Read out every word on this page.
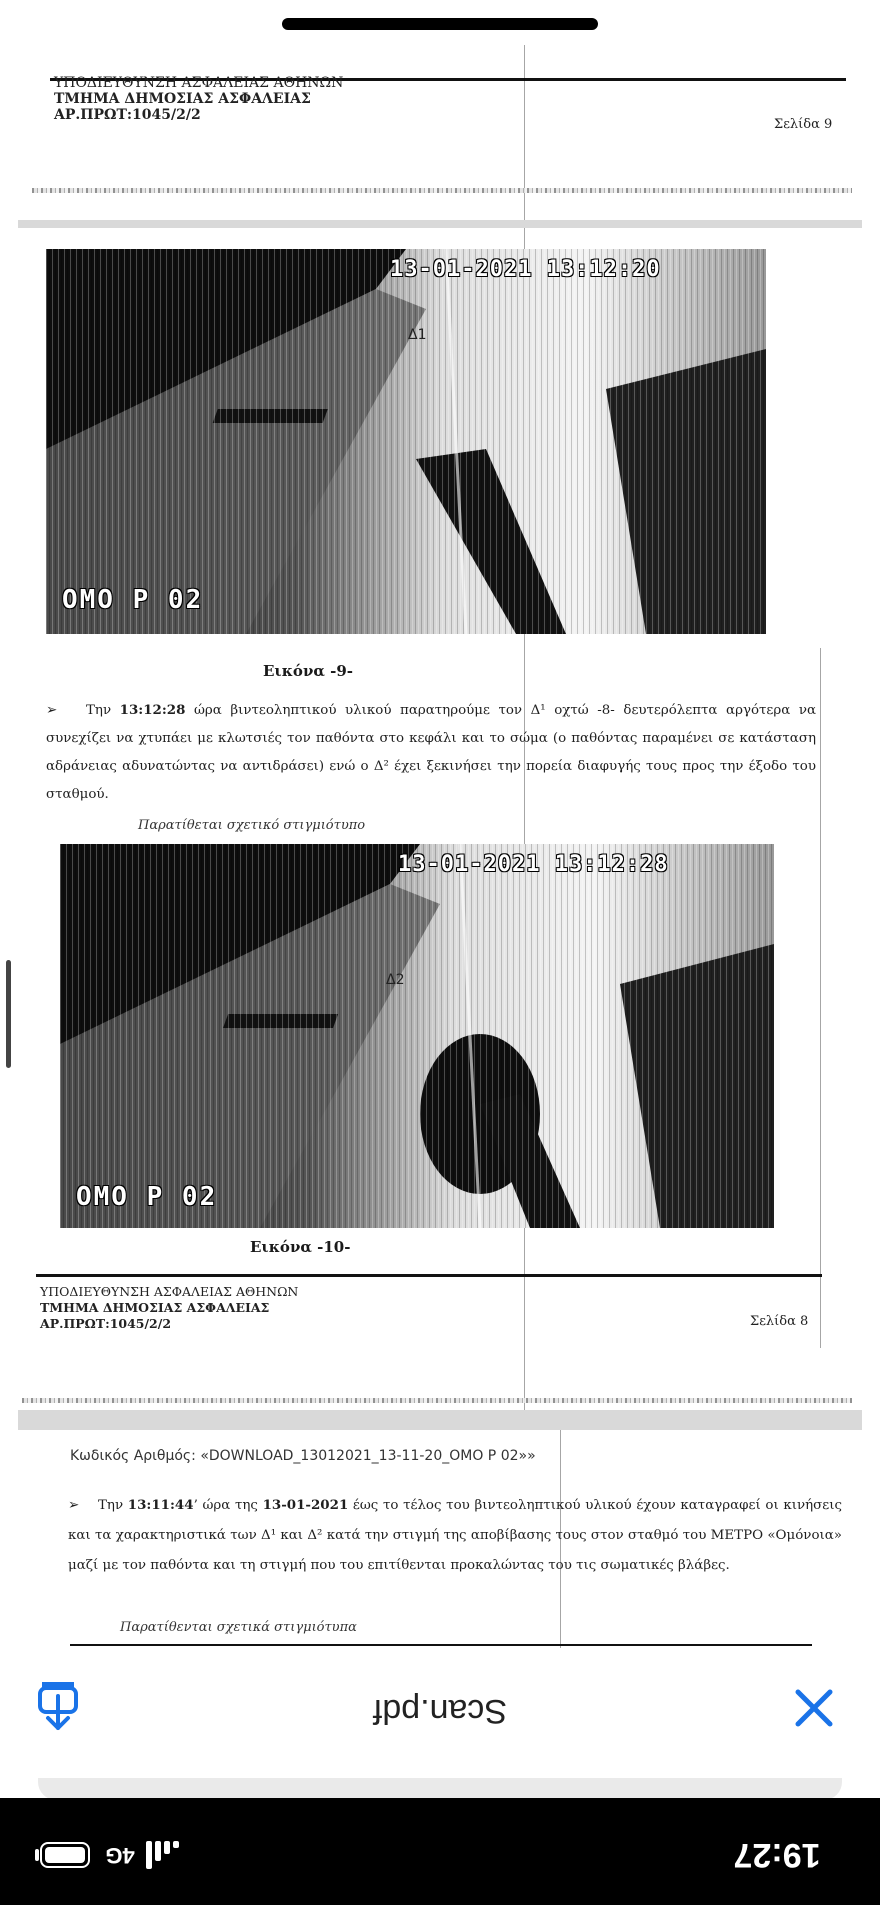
ΥΠΟΔΙΕΥΘΥΝΣΗ ΑΣΦΑΛΕΙΑΣ ΑΘΗΝΩΝ
ΤΜΗΜΑ ΔΗΜΟΣΙΑΣ ΑΣΦΑΛΕΙΑΣ
ΑΡ.ΠΡΩΤ:1045/2/2
Σελίδα 9
13-01-2021 13:12:20
Δ1
OMO P 02
Εικόνα -9-
➢ Την 13:12:28 ώρα βιντεοληπτικού υλικού παρατηρούμε τον Δ¹ οχτώ -8- δευτερόλεπτα αργότερα να συνεχίζει να χτυπάει με κλωτσιές τον παθόντα στο κεφάλι και το σώμα (ο παθόντας παραμένει σε κατάσταση αδράνειας αδυνατώντας να αντιδράσει) ενώ ο Δ² έχει ξεκινήσει την πορεία διαφυγής τους προς την έξοδο του σταθμού.
Παρατίθεται σχετικό στιγμιότυπο
13-01-2021 13:12:28
Δ2
OMO P 02
Εικόνα -10-
ΥΠΟΔΙΕΥΘΥΝΣΗ ΑΣΦΑΛΕΙΑΣ ΑΘΗΝΩΝ
ΤΜΗΜΑ ΔΗΜΟΣΙΑΣ ΑΣΦΑΛΕΙΑΣ
ΑΡ.ΠΡΩΤ:1045/2/2	Σελίδα 8
Κωδικός Αριθμός: «DOWNLOAD_13012021_13-11-20_OMO P 02»»
➢ Την 13:11:44’ ώρα της 13-01-2021 έως το τέλος του βιντεοληπτικού υλικού έχουν καταγραφεί οι κινήσεις και τα χαρακτηριστικά των Δ¹ και Δ² κατά την στιγμή της αποβίβασης τους στον σταθμό του ΜΕΤΡΟ «Ομόνοια» μαζί με τον παθόντα και τη στιγμή που του επιτίθενται προκαλώντας του τις σωματικές βλάβες.
Παρατίθενται σχετικά στιγμιότυπα
Scan.pdf
19:27
4G
